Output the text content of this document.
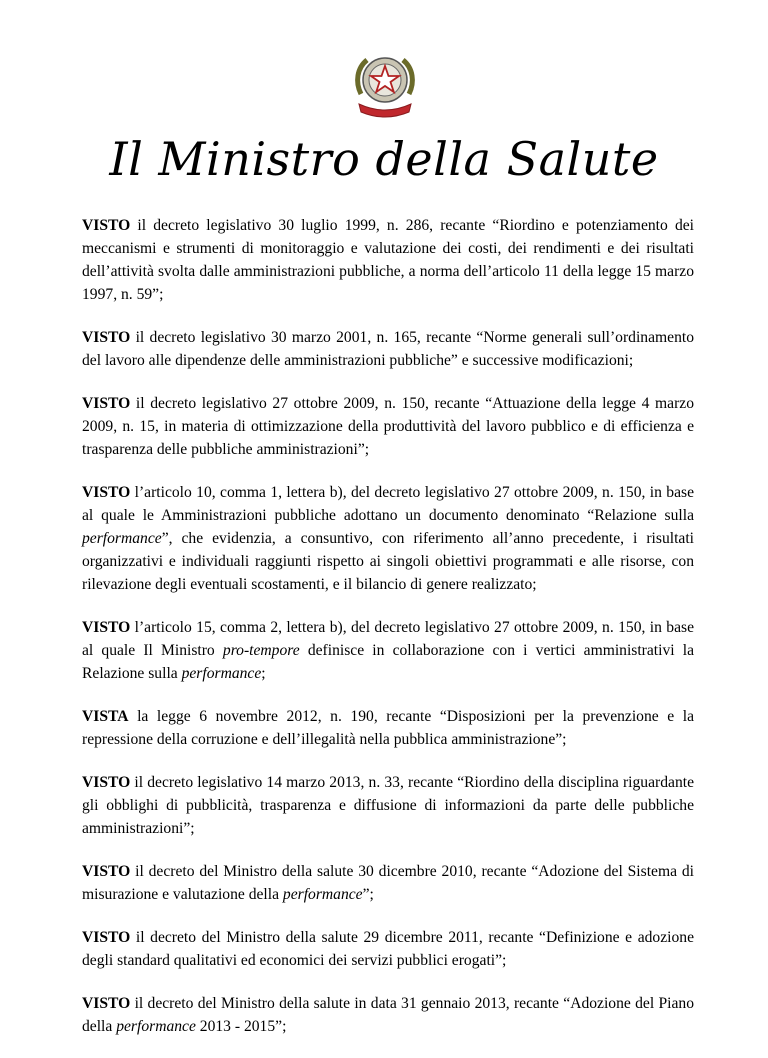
Il Ministro della Salute

VISTO il decreto legislativo 30 luglio 1999, n. 286, recante “Riordino e potenziamento dei meccanismi e strumenti di monitoraggio e valutazione dei costi, dei rendimenti e dei risultati dell’attività svolta dalle amministrazioni pubbliche, a norma dell’articolo 11 della legge 15 marzo 1997, n. 59”;

VISTO il decreto legislativo 30 marzo 2001, n. 165, recante “Norme generali sull’ordinamento del lavoro alle dipendenze delle amministrazioni pubbliche” e successive modificazioni;

VISTO il decreto legislativo 27 ottobre 2009, n. 150, recante “Attuazione della legge 4 marzo 2009, n. 15, in materia di ottimizzazione della produttività del lavoro pubblico e di efficienza e trasparenza delle pubbliche amministrazioni”;

VISTO l’articolo 10, comma 1, lettera b), del decreto legislativo 27 ottobre 2009, n. 150, in base al quale le Amministrazioni pubbliche adottano un documento denominato “Relazione sulla performance”, che evidenzia, a consuntivo, con riferimento all’anno precedente, i risultati organizzativi e individuali raggiunti rispetto ai singoli obiettivi programmati e alle risorse, con rilevazione degli eventuali scostamenti, e il bilancio di genere realizzato;

VISTO l’articolo 15, comma 2, lettera b), del decreto legislativo 27 ottobre 2009, n. 150, in base al quale Il Ministro pro-tempore definisce in collaborazione con i vertici amministrativi la Relazione sulla performance;

VISTA la legge 6 novembre 2012, n. 190, recante “Disposizioni per la prevenzione e la repressione della corruzione e dell’illegalità nella pubblica amministrazione”;

VISTO il decreto legislativo 14 marzo 2013, n. 33, recante “Riordino della disciplina riguardante gli obblighi di pubblicità, trasparenza e diffusione di informazioni da parte delle pubbliche amministrazioni”;

VISTO il decreto del Ministro della salute 30 dicembre 2010, recante “Adozione del Sistema di misurazione e valutazione della performance”;

VISTO il decreto del Ministro della salute 29 dicembre 2011, recante “Definizione e adozione degli standard qualitativi ed economici dei servizi pubblici erogati”;

VISTO il decreto del Ministro della salute in data 31 gennaio 2013, recante “Adozione del Piano della performance 2013 - 2015”;
